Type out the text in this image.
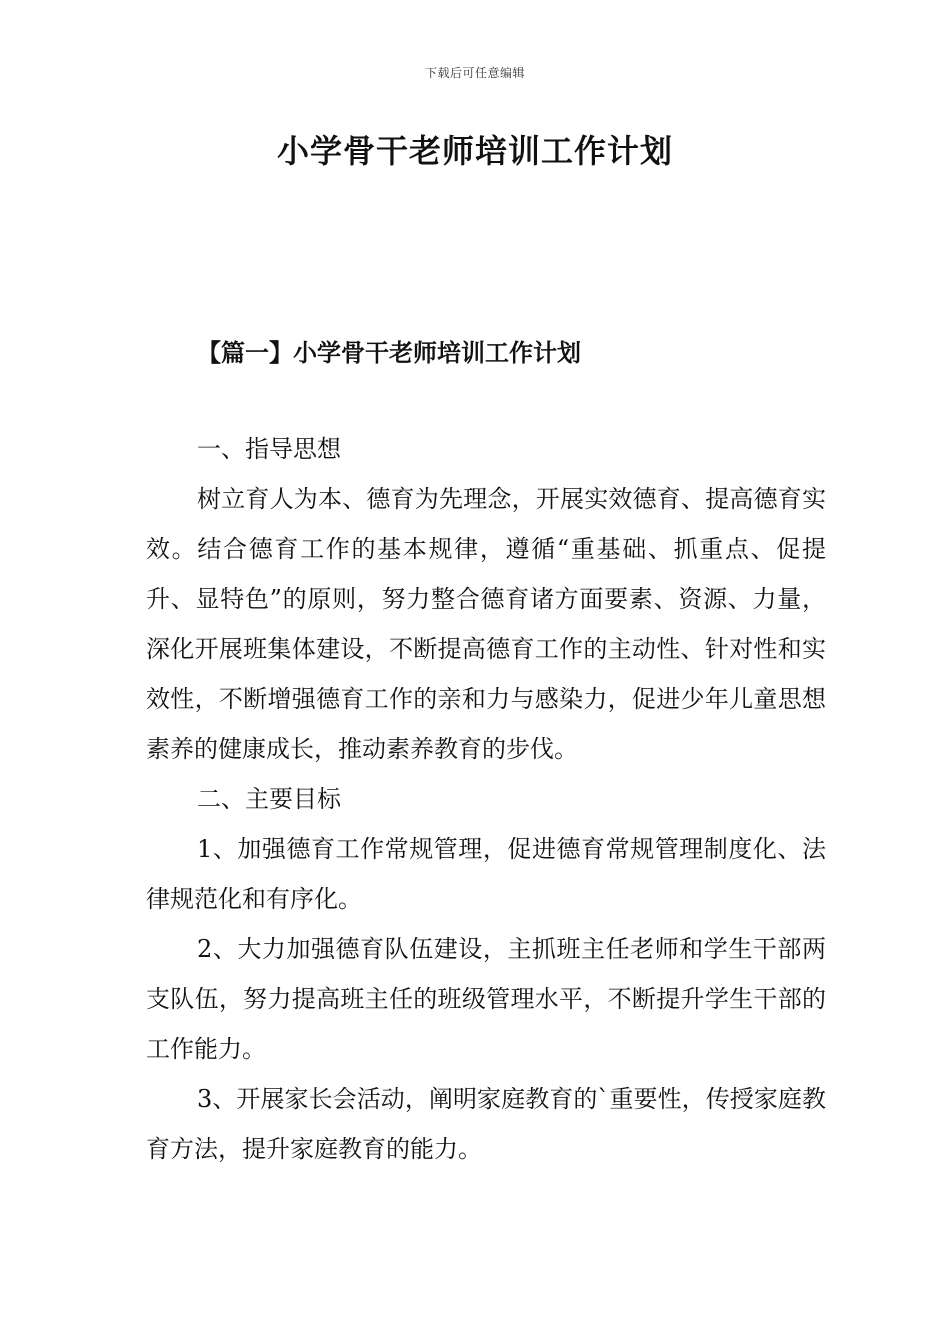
下载后可任意编辑
小学骨干老师培训工作计划
【篇一】小学骨干老师培训工作计划

一、指导思想

树立育人为本、德育为先理念，开展实效德育、提高德育实效。结合德育工作的基本规律，遵循“重基础、抓重点、促提升、显特色”的原则，努力整合德育诸方面要素、资源、力量，深化开展班集体建设，不断提高德育工作的主动性、针对性和实效性，不断增强德育工作的亲和力与感染力，促进少年儿童思想素养的健康成长，推动素养教育的步伐。

二、主要目标

1、加强德育工作常规管理，促进德育常规管理制度化、法律规范化和有序化。

2、大力加强德育队伍建设，主抓班主任老师和学生干部两支队伍，努力提高班主任的班级管理水平，不断提升学生干部的工作能力。

3、开展家长会活动，阐明家庭教育的`重要性，传授家庭教育方法，提升家庭教育的能力。
